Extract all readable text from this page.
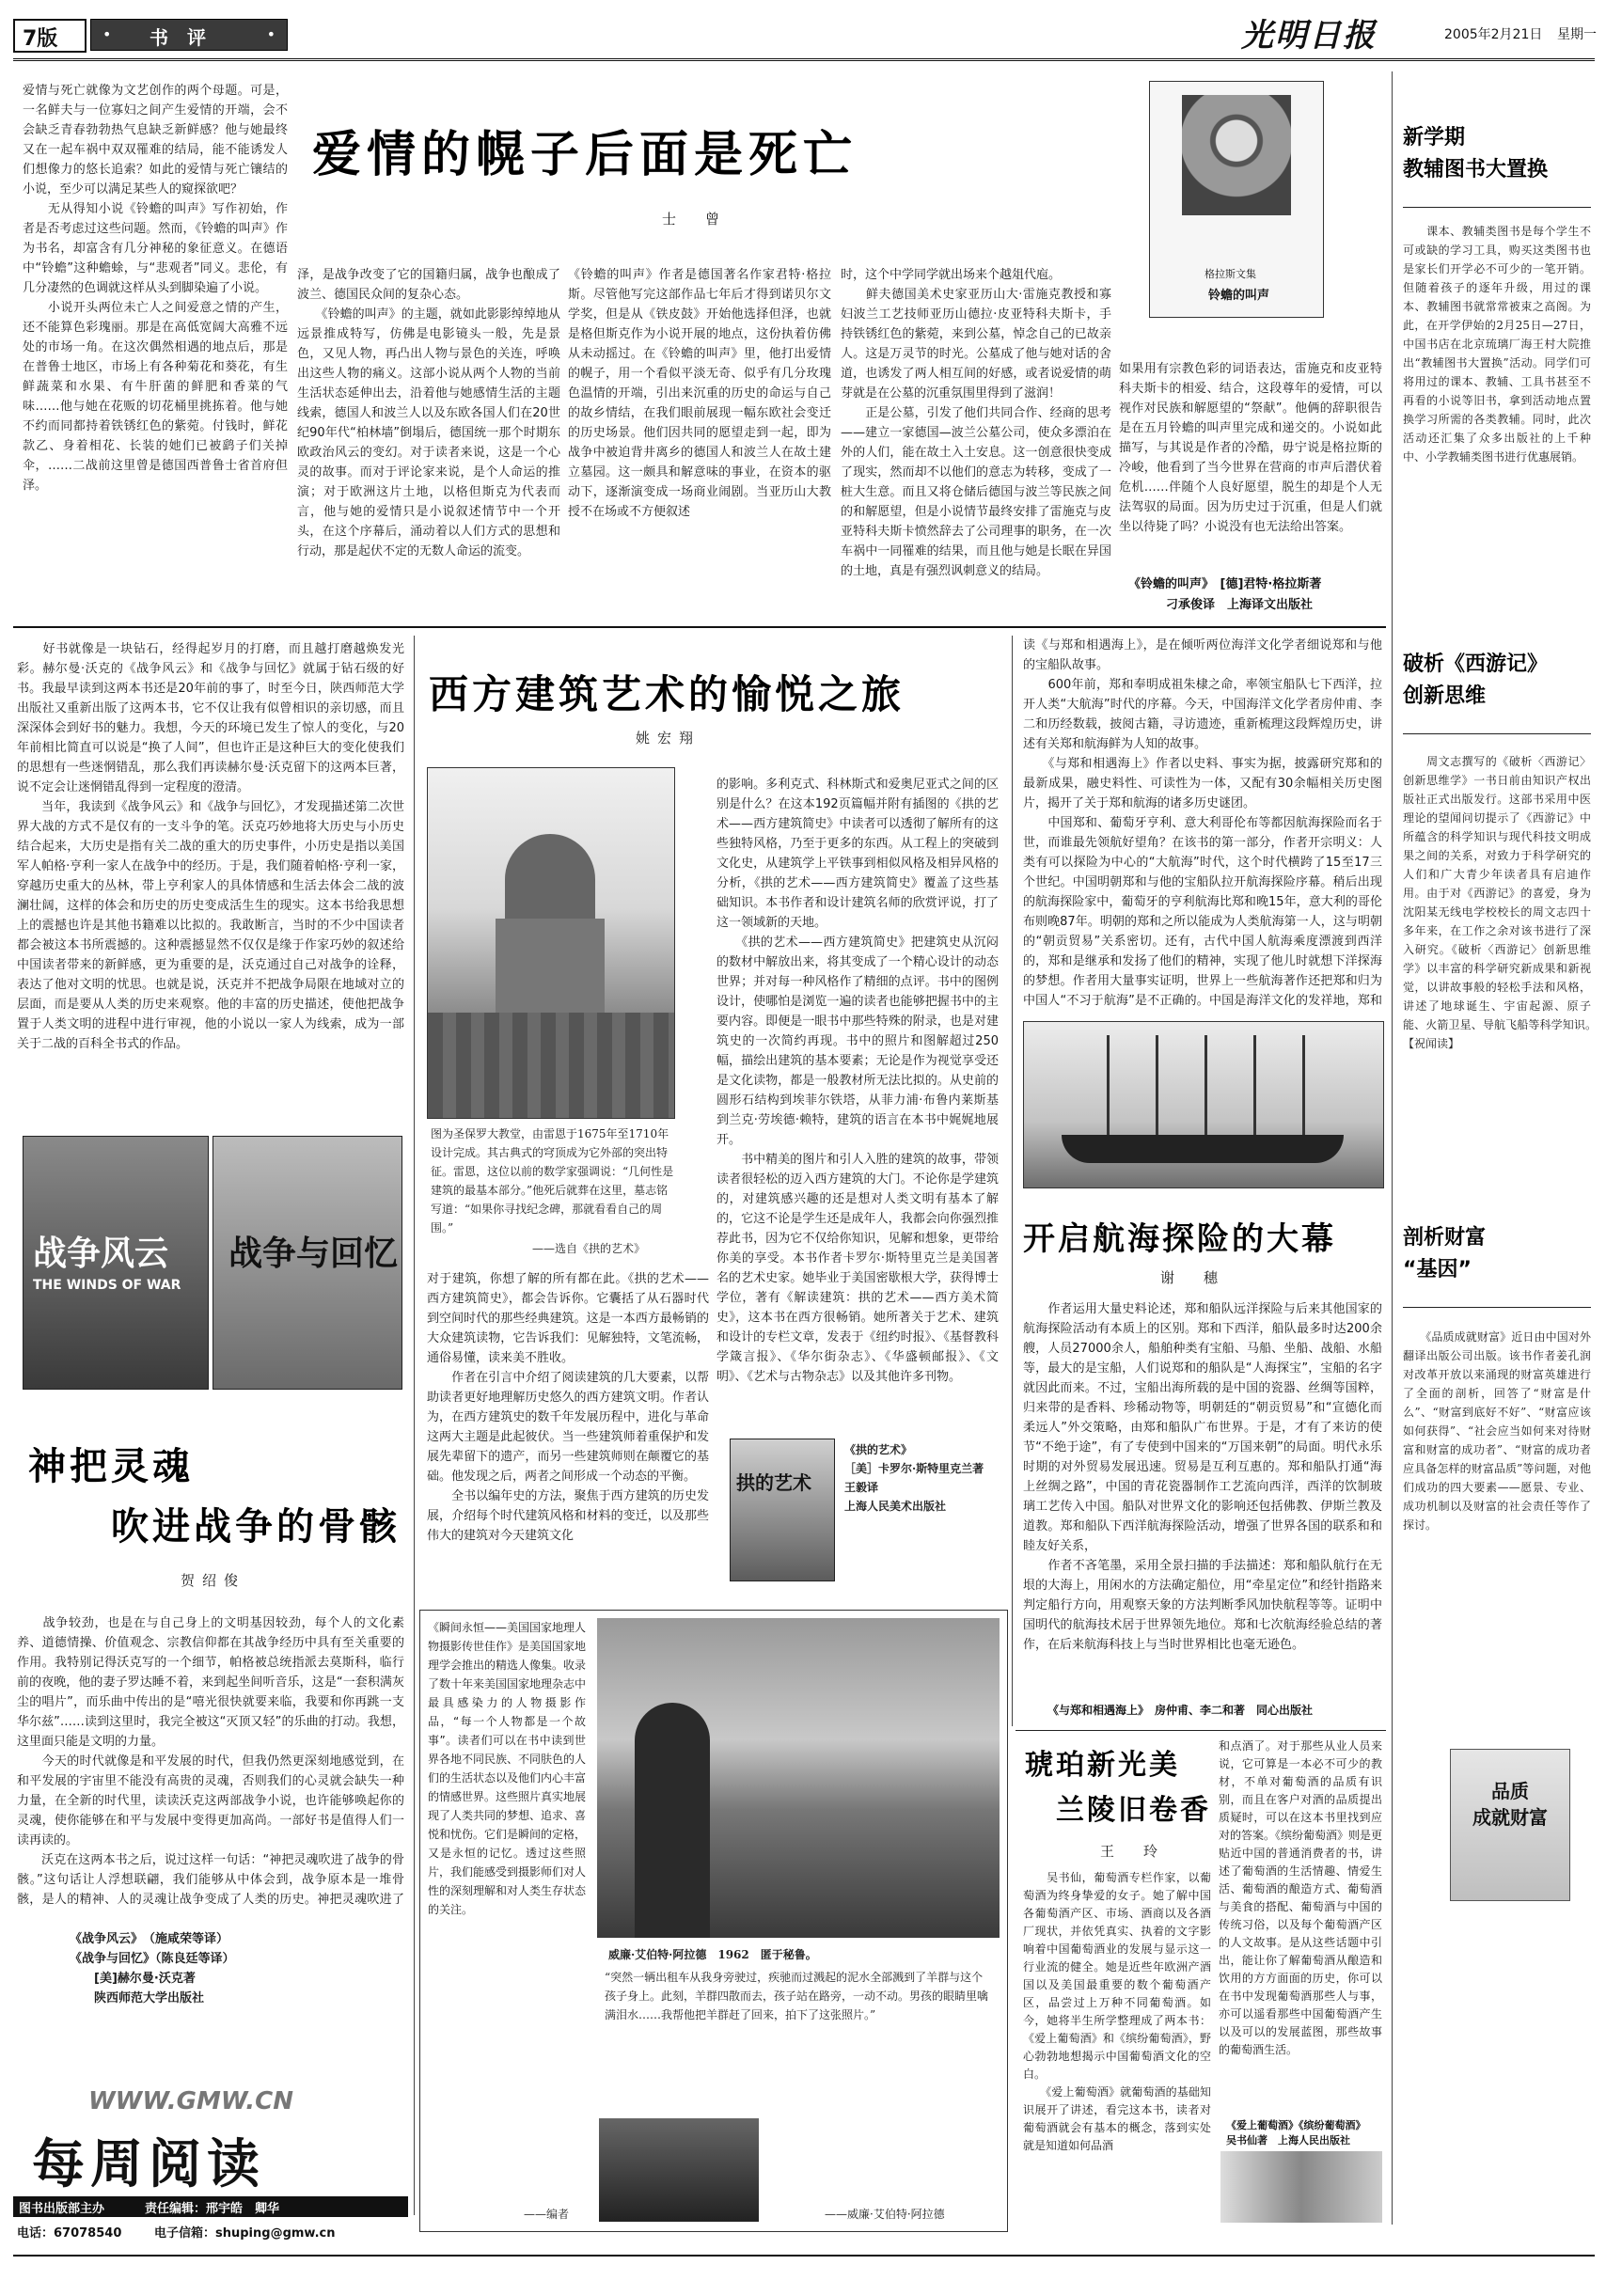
7版	• 书　评	•	光明日报	2005年2月21日 星期一
新学期
教辅图书大置换
　　课本、教辅类图书是每个学生不可或缺的学习工具，购买这类图书也是家长们开学必不可少的一笔开销。但随着孩子的逐年升级，用过的课本、教辅图书就常常被束之高阁。为此，在开学伊始的2月25日—27日，中国书店在北京琉璃厂海王村大院推出“教辅图书大置换”活动。同学们可将用过的课本、教辅、工具书甚至不再看的小说等旧书，拿到活动地点置换学习所需的各类教辅。同时，此次活动还汇集了众多出版社的上千种中、小学教辅类图书进行优惠展销。
破析《西游记》
创新思维
　　周文志撰写的《破析〈西游记〉创新思维学》一书日前由知识产权出版社正式出版发行。这部书采用中医理论的望闻问切提示了《西游记》中所蕴含的科学知识与现代科技文明成果之间的关系，对致力于科学研究的人们和广大青少年读者具有启迪作用。由于对《西游记》的喜爱，身为沈阳某无线电学校校长的周文志四十多年来，在工作之余对该书进行了深入研究。《破析〈西游记〉创新思维学》以丰富的科学研究新成果和新视觉，以讲故事般的轻松手法和风格，讲述了地球诞生、宇宙起源、原子能、火箭卫星、导航飞船等科学知识。　【祝闻读】
剖析财富
“基因”
　　《品质成就财富》近日由中国对外翻译出版公司出版。该书作者姜孔润对改革开放以来涌现的财富英雄进行了全面的剖析，回答了“财富是什么”、“财富到底好不好”、“财富应该如何获得”、“社会应当如何来对待财富和财富的成功者”、“财富的成功者应具备怎样的财富品质”等问题，对他们成功的四大要素——愿景、专业、成功机制以及财富的社会责任等作了探讨。
品质
成就财富
爱情与死亡就像为文艺创作的两个母题。可是，一名鲜夫与一位寡妇之间产生爱情的开端，会不会缺乏青春勃勃热气息缺乏新鲜感？他与她最终又在一起车祸中双双罹难的结局，能不能诱发人们想像力的悠长追索？如此的爱情与死亡镶结的小说，至少可以满足某些人的窥探欲吧？
　　无从得知小说《铃蟾的叫声》写作初始，作者是否考虑过这些问题。然而，《铃蟾的叫声》作为书名，却富含有几分神秘的象征意义。在德语中“铃蟾”这种蟾蜍，与“悲观者”同义。悲伦，有几分凄然的色调就这样从头到脚染遍了小说。
　　小说开头两位未亡人之间爱意之情的产生，还不能算色彩瑰丽。那是在高低宽阔大高雅不远处的市场一角。在这次偶然相遇的地点后，那是在普鲁士地区，市场上有各种菊花和葵花，有生鲜蔬菜和水果、有牛肝菌的鲜肥和香菜的气味……他与她在花贩的切花桶里挑拣着。他与她不约而同都持着铁锈红色的紫菀。付钱时，鲜花款乙、身着相花、长装的她们已被鹞子们关掉伞，……二战前这里曾是德国西普鲁士省首府但泽。
爱情的幌子后面是死亡
士　曾
泽，是战争改变了它的国籍归属，战争也酿成了波兰、德国民众间的复杂心态。
　　《铃蟾的叫声》的主题，就如此影影绰绰地从远景推成特写，仿佛是电影镜头一般，先是景色，又见人物，再凸出人物与景色的关连，呼唤出这些人物的痛义。这部小说从两个人物的当前生活状态延伸出去，沿着他与她感情生活的主题线索，德国人和波兰人以及东欧各国人们在20世纪90年代“柏林墙”倒塌后，德国统一那个时期东欧政治风云的变幻。对于读者来说，这是一个心灵的故事。而对于评论家来说，是个人命运的推演；对于欧洲这片土地，以格但斯克为代表而言，他与她的爱情只是小说叙述情节中一个开头，在这个序幕后，涌动着以人们方式的思想和行动，那是起伏不定的无数人命运的流变。
《铃蟾的叫声》作者是德国著名作家君特·格拉斯。尽管他写完这部作品七年后才得到诺贝尔文学奖，但是从《铁皮鼓》开始他选择但泽，也就是格但斯克作为小说开展的地点，这份执着仿佛从未动摇过。在《铃蟾的叫声》里，他打出爱情的幌子，用一个看似平淡无奇、似乎有几分玫瑰色温情的开端，引出来沉重的历史的命运与自己的故乡情结，在我们眼前展现一幅东欧社会变迁的历史场景。他们因共同的愿望走到一起，即为战争中被迫背井离乡的德国人和波兰人在故土建立墓园。这一颇具和解意味的事业，在资本的驱动下，逐渐演变成一场商业闹剧。当亚历山大教授不在场或不方便叙述
时，这个中学同学就出场来个越俎代庖。
　　鲜夫德国美术史家亚历山大·雷施克教授和寡妇波兰工艺技师亚历山德拉·皮亚特科夫斯卡，手持铁锈红色的紫菀，来到公墓，悼念自己的已故亲人。这是万灵节的时光。公墓成了他与她对话的舍道，也诱发了两人相互间的好感，或者说爱情的萌芽就是在公墓的沉重氛围里得到了滋润！
　　正是公墓，引发了他们共同合作、经商的思考——建立一家德国—波兰公墓公司，使众多漂泊在外的人们，能在故土入土安息。这一创意很快变成了现实，然而却不以他们的意志为转移，变成了一桩大生意。而且又将仓储后德国与波兰等民族之间的和解愿望，但是小说情节最终安排了雷施克与皮亚特科夫斯卡愤然辞去了公司理事的职务，在一次车祸中一同罹难的结果，而且他与她是长眠在异国的土地，真是有强烈讽刺意义的结局。
格拉斯文集
铃蟾的叫声
如果用有宗教色彩的词语表达，雷施克和皮亚特科夫斯卡的相爱、结合，这段尊年的爱情，可以视作对民族和解愿望的“祭献”。他俩的辞职很告是在五月铃蟾的叫声里完成和递交的。小说如此描写，与其说是作者的冷酷，毋宁说是格拉斯的冷峻，他看到了当今世界在营商的市声后潜伏着危机……伴随个人良好愿望，脱生的却是个人无法驾驭的局面。因为历史过于沉重，但是人们就坐以待毙了吗？小说没有也无法给出答案。
《铃蟾的叫声》　[德]君特·格拉斯著
刁承俊译　上海译文出版社
　　好书就像是一块钻石，经得起岁月的打磨，而且越打磨越焕发光彩。赫尔曼·沃克的《战争风云》和《战争与回忆》就属于钻石级的好书。我最早读到这两本书还是20年前的事了，时至今日，陕西师范大学出版社又重新出版了这两本书，它不仅让我有似曾相识的亲切感，而且深深体会到好书的魅力。我想，今天的环境已发生了惊人的变化，与20年前相比简直可以说是“换了人间”，但也许正是这种巨大的变化使我们的思想有一些迷惘错乱，那么我们再读赫尔曼·沃克留下的这两本巨著，说不定会让迷惘错乱得到一定程度的澄清。
　　当年，我读到《战争风云》和《战争与回忆》，才发现描述第二次世界大战的方式不是仅有的一支斗争的笔。沃克巧妙地将大历史与小历史结合起来，大历史是指有关二战的重大的历史事件，小历史是指以美国军人帕格·亨利一家人在战争中的经历。于是，我们随着帕格·亨利一家，穿越历史重大的丛林，带上亨利家人的具体情感和生活去体会二战的波澜壮阔，这样的体会和历史的历史变成活生生的现实。这本书给我思想上的震撼也许是其他书籍难以比拟的。我敢断言，当时的不少中国读者都会被这本书所震撼的。这种震撼显然不仅仅是缘于作家巧妙的叙述给中国读者带来的新鲜感，更为重要的是，沃克通过自己对战争的诠释，表达了他对文明的忧思。也就是说，沃克并不把战争局限在地域对立的层面，而是要从人类的历史来观察。他的丰富的历史描述，使他把战争置于人类文明的进程中进行审视，他的小说以一家人为线索，成为一部关于二战的百科全书式的作品。
战争风云
THE WINDS OF WAR
战争与回忆
神把灵魂
　　吹进战争的骨骸
贺绍俊
　　战争较劲，也是在与自己身上的文明基因较劲，每个人的文化素养、道德情操、价值观念、宗教信仰都在其战争经历中具有至关重要的作用。我特别记得沃克写的一个细节，帕格被总统指派去莫斯科，临行前的夜晚，他的妻子罗达睡不着，来到起坐间听音乐，这是“一套积满灰尘的唱片”，而乐曲中传出的是“嘻光很快就要来临，我要和你再跳一支华尔兹”……读到这里时，我完全被这“灭顶又轻”的乐曲的打动。我想，这里面只能是文明的力量。
　　今天的时代就像是和平发展的时代，但我仍然更深刻地感觉到，在和平发展的宇宙里不能没有高贵的灵魂，否则我们的心灵就会缺失一种力量，在全新的时代里，读读沃克这两部战争小说，也许能够唤起你的灵魂，使你能够在和平与发展中变得更加高尚。一部好书是值得人们一读再读的。
　　沃克在这两本书之后，说过这样一句话：“神把灵魂吹进了战争的骨骸。”这句话让人浮想联翩，我们能够从中体会到，战争原本是一堆骨骸，是人的精神、人的灵魂让战争变成了人类的历史。神把灵魂吹进了
《战争风云》　（施咸荣等译）
《战争与回忆》（陈良廷等译）
　　[美]赫尔曼·沃克著
　　陕西师范大学出版社
西方建筑艺术的愉悦之旅
姚宏翔
图为圣保罗大教堂，由雷恩于1675年至1710年设计完成。其古典式的穹顶成为它外部的突出特征。雷恩，这位以前的数学家强调说：“几何性是建筑的最基本部分。”他死后就葬在这里，墓志铭写道：“如果你寻找纪念碑，那就看看自己的周围。”
——选自《拱的艺术》
对于建筑，你想了解的所有都在此。《拱的艺术——西方建筑简史》，都会告诉你。它囊括了从石器时代到空间时代的那些经典建筑。这是一本西方最畅销的大众建筑读物，它告诉我们：见解独特，文笔流畅，通俗易懂，读来美不胜收。
　　作者在引言中介绍了阅读建筑的几大要素，以帮助读者更好地理解历史悠久的西方建筑文明。作者认为，在西方建筑史的数千年发展历程中，进化与革命这两大主题是此起彼伏。当一些建筑师着重保护和发展先辈留下的遗产，而另一些建筑师则在颠覆它的基础。他发现之后，两者之间形成一个动态的平衡。
　　全书以编年史的方法，聚焦于西方建筑的历史发展，介绍每个时代建筑风格和材料的变迁，以及那些伟大的建筑对今天建筑文化
的影响。多利克式、科林斯式和爱奥尼亚式之间的区别是什么？在这本192页篇幅并附有插图的《拱的艺术——西方建筑简史》中读者可以透彻了解所有的这些独特风格，乃至于更多的东西。从工程上的突破到文化史，从建筑学上平铁事到相似风格及相异风格的分析，《拱的艺术——西方建筑简史》覆盖了这些基础知识。本书作者和设计建筑名师的欣赏评说，打了这一领域新的天地。
　　《拱的艺术——西方建筑简史》把建筑史从沉闷的数材中解放出来，将其变成了一个精心设计的动态世界；并对每一种风格作了精细的点评。书中的图例设计，使哪怕是浏览一遍的读者也能够把握书中的主要内容。即便是一眼书中那些特殊的附录，也是对建筑史的一次简约再现。书中的照片和图解超过250幅，描绘出建筑的基本要素；无论是作为视觉享受还是文化读物，都是一般教材所无法比拟的。从史前的圆形石结构到埃菲尔铁塔，从菲力浦·布鲁内莱斯基到兰克·劳埃德·赖特，建筑的语言在本书中娓娓地展开。
　　书中精美的图片和引人入胜的建筑的故事，带领读者很轻松的迈入西方建筑的大门。不论你是学建筑的，对建筑感兴趣的还是想对人类文明有基本了解的，它这不论是学生还是成年人，我都会向你强烈推荐此书，因为它不仅给你知识，见解和想象，更带给你美的享受。本书作者卡罗尔·斯特里克兰是美国著名的艺术史家。她毕业于美国密歇根大学，获得博士学位，著有《解读建筑：拱的艺术——西方美术简史》，这本书在西方很畅销。她所著关于艺术、建筑和设计的专栏文章，发表于《纽约时报》、《基督教科学箴言报》、《华尔街杂志》、《华盛顿邮报》、《文明》、《艺术与古物杂志》以及其他许多刊物。
拱的艺术
《拱的艺术》
［美］卡罗尔·斯特里克兰著
王毅译
上海人民美术出版社
读《与郑和相遇海上》，是在倾听两位海洋文化学者细说郑和与他的宝船队故事。
　　600年前，郑和奉明成祖朱棣之命，率领宝船队七下西洋，拉开人类“大航海”时代的序幕。今天，中国海洋文化学者房仲甫、李二和历经数载，披阅古籍，寻访遗迹，重新梳理这段辉煌历史，讲述有关郑和航海鲜为人知的故事。
　　《与郑和相遇海上》作者以史料、事实为据，披露研究郑和的最新成果，融史料性、可读性为一体，又配有30余幅相关历史图片，揭开了关于郑和航海的诸多历史谜团。
　　中国郑和、葡萄牙亨利、意大利哥伦布等都因航海探险而名于世，而谁最先领航好望角？在该书的第一部分，作者开宗明义：人类有可以探险为中心的“大航海”时代，这个时代横跨了15至17三个世纪。中国明朝郑和与他的宝船队拉开航海探险序幕。稍后出现的航海探险家中，葡萄牙的亨利航海比郑和晚15年，意大利的哥伦布则晚87年。明朝的郑和之所以能成为人类航海第一人，这与明朝的“朝贡贸易”关系密切。还有，古代中国人航海乘度漂渡到西洋的，郑和是继承和发扬了他们的精神，实现了他儿时就想下洋探海的梦想。作者用大量事实证明，世界上一些航海著作还把郑和归为中国人“不习于航海”是不正确的。中国是海洋文化的发祥地，郑和
开启航海探险的大幕
谢　穗
　　作者运用大量史料论述，郑和船队远洋探险与后来其他国家的航海探险活动有本质上的区别。郑和下西洋，船队最多时达200余艘，人员27000余人，船舶种类有宝船、马船、坐船、战船、水船等，最大的是宝船，人们说郑和的船队是“人海探宝”，宝船的名字就因此而来。不过，宝船出海所载的是中国的瓷器、丝绸等国粹，归来带的是香料、珍稀动物等，明朝廷的“朝贡贸易”和“宣德化而柔远人”外交策略，由郑和船队广布世界。于是，才有了来访的使节“不绝于途”，有了专使到中国来的“万国来朝”的局面。明代永乐时期的对外贸易发展迅速。贸易是互利互惠的。郑和船队打通“海上丝绸之路”，中国的青花瓷器制作工艺流向西洋，西洋的饮制玻璃工艺传入中国。船队对世界文化的影响还包括佛教、伊斯兰教及道教。郑和船队下西洋航海探险活动，增强了世界各国的联系和和睦友好关系，
　　作者不吝笔墨，采用全景扫描的手法描述：郑和船队航行在无垠的大海上，用闲水的方法确定船位，用“牵星定位”和经针指路来判定船行方向，用观察天象的方法判断季风加快航程等等。证明中国明代的航海技术居于世界领先地位。郑和七次航海经验总结的著作，在后来航海科技上与当时世界相比也毫无逊色。
《与郑和相遇海上》　房仲甫、李二和著　同心出版社
《瞬间永恒——美国国家地理人物摄影传世佳作》是美国国家地理学会推出的精选人像集。收录了数十年来美国国家地理杂志中最具感染力的人物摄影作品，“每一个人物都是一个故事”。读者们可以在书中读到世界各地不同民族、不同肤色的人们的生活状态以及他们内心丰富的情感世界。这些照片真实地展现了人类共同的梦想、追求、喜悦和忧伤。它们是瞬间的定格，又是永恒的记忆。透过这些照片，我们能感受到摄影师们对人性的深刻理解和对人类生存状态的关注。
——编者
威廉·艾伯特·阿拉德　1962　匿于秘鲁。
“突然一辆出租车从我身旁驶过，疾驰而过溅起的泥水全部溅到了羊群与这个孩子身上。此刻，羊群四散而去，孩子站在路旁，一动不动。男孩的眼睛里噙满泪水……我帮他把羊群赶了回来，拍下了这张照片。”
——威廉·艾伯特·阿拉德
琥珀新光美
　兰陵旧卷香
王　玲
　　吴书仙，葡萄酒专栏作家，以葡萄酒为终身挚爱的女子。她了解中国各葡萄酒产区、市场、酒商以及各酒厂现状，并依凭真实、执着的文字影响着中国葡萄酒业的发展与显示这一行业流的健全。她是近些年欧洲产酒国以及美国最重要的数个葡萄酒产区，品尝过上万种不同葡萄酒。如今，她将半生所学整理成了两本书：《爱上葡萄酒》和《缤纷葡萄酒》，野心勃勃地想揭示中国葡萄酒文化的空白。
　　《爱上葡萄酒》就葡萄酒的基础知识展开了讲述，看完这本书，读者对葡萄酒就会有基本的概念，落到实处就是知道如何品酒
和点酒了。对于那些从业人员来说，它可算是一本必不可少的教材，不单对葡萄酒的品质有识别，而且在客户对酒的品质提出质疑时，可以在这本书里找到应对的答案。《缤纷葡萄酒》则是更贴近中国的普通消费者的书，讲述了葡萄酒的生活情趣、情爱生活、葡萄酒的酿造方式、葡萄酒与美食的搭配、葡萄酒与中国的传统习俗，以及每个葡萄酒产区的人文故事。是从这些话题中引出，能让你了解葡萄酒从酿造和饮用的方方面面的历史，你可以在书中发现葡萄酒那些人与事，亦可以遥看那些中国葡萄酒产生以及可以的发展蓝图，那些故事的葡萄酒生活。
《爱上葡萄酒》《缤纷葡萄酒》
吴书仙著　上海人民出版社
WWW.GMW.CN
每周阅读
图书出版部主办	责任编辑：邢宇皓　卿华
电话：67078540	电子信箱：shuping@gmw.cn
